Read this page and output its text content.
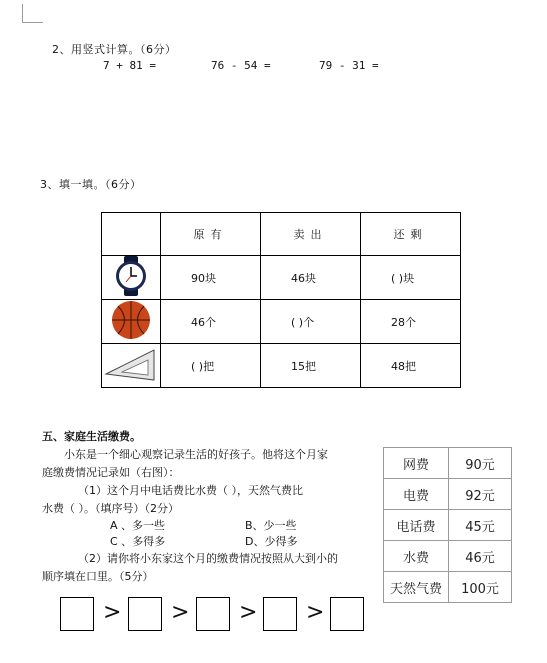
2、用竖式计算。（6分）
7 + 81 =	76 - 54 =	79 - 31 =
3、填一填。（6分）
	原有	卖出	还剩
	90块	46块	( )块
	46个	( )个	28个
	( )把	15把	48把
五、家庭生活缴费。
小东是一个细心观察记录生活的好孩子。他将这个月家
庭缴费情况记录如（右图）：
（1）这个月中电话费比水费（ ），天然气费比
水费（ ）。（填序号）（2分）
A 、多一些	B、少一些
C 、多得多	D、少得多
（2）请你将小东家这个月的缴费情况按照从大到小的
顺序填在口里。（5分）
网费	90元
电费	92元
电话费	45元
水费	46元
天然气费	100元
> > > >
